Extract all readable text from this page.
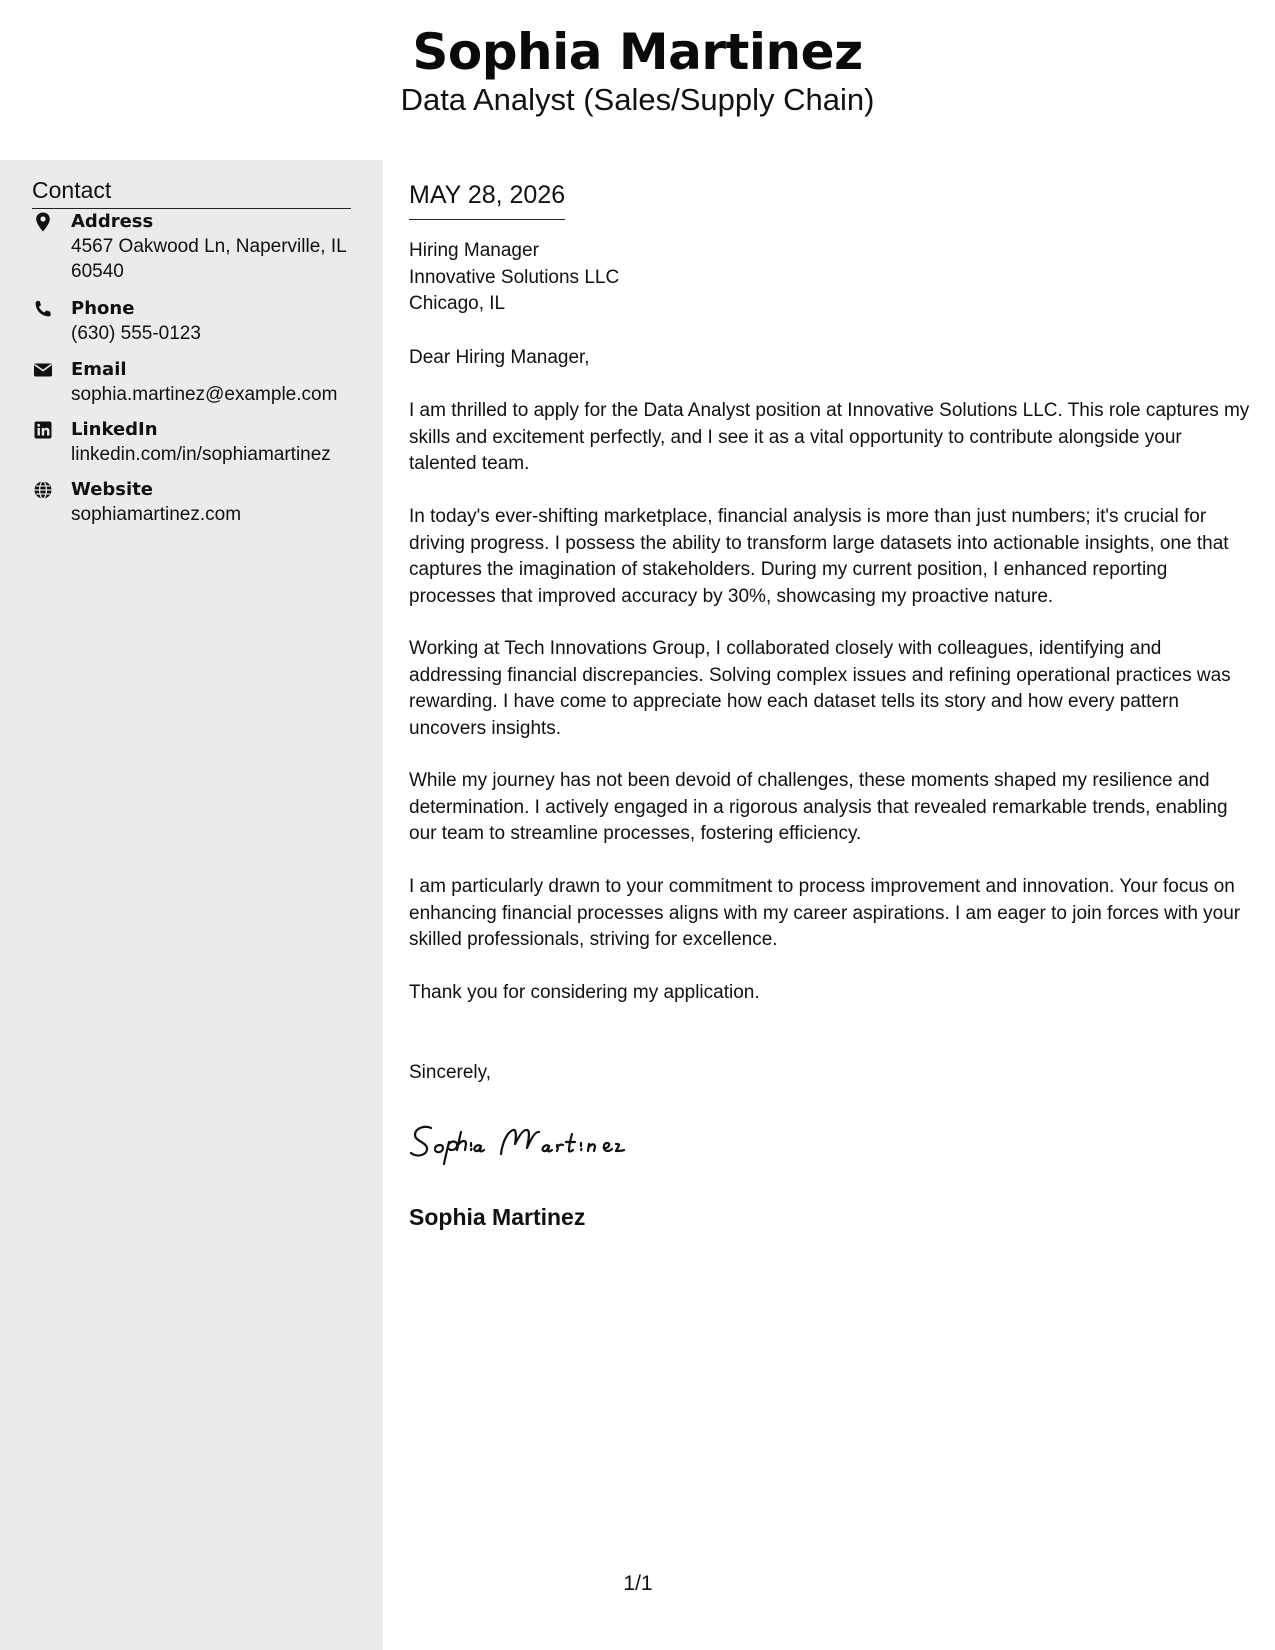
Sophia Martinez
Data Analyst (Sales/Supply Chain)
Contact
Address
4567 Oakwood Ln, Naperville, IL 60540
Phone
(630) 555-0123
Email
sophia.martinez@example.com
LinkedIn
linkedin.com/in/sophiamartinez
Website
sophiamartinez.com
MAY 28, 2026
Hiring Manager
Innovative Solutions LLC
Chicago, IL

Dear Hiring Manager,

I am thrilled to apply for the Data Analyst position at Innovative Solutions LLC. This role captures my skills and excitement perfectly, and I see it as a vital opportunity to contribute alongside your talented team.

In today's ever-shifting marketplace, financial analysis is more than just numbers; it's crucial for driving progress. I possess the ability to transform large datasets into actionable insights, one that captures the imagination of stakeholders. During my current position, I enhanced reporting processes that improved accuracy by 30%, showcasing my proactive nature.

Working at Tech Innovations Group, I collaborated closely with colleagues, identifying and addressing financial discrepancies. Solving complex issues and refining operational practices was rewarding. I have come to appreciate how each dataset tells its story and how every pattern uncovers insights.

While my journey has not been devoid of challenges, these moments shaped my resilience and determination. I actively engaged in a rigorous analysis that revealed remarkable trends, enabling our team to streamline processes, fostering efficiency.

I am particularly drawn to your commitment to process improvement and innovation. Your focus on enhancing financial processes aligns with my career aspirations. I am eager to join forces with your skilled professionals, striving for excellence.

Thank you for considering my application.

Sincerely,

Sophia Martinez
Sophia Martinez
1/1
